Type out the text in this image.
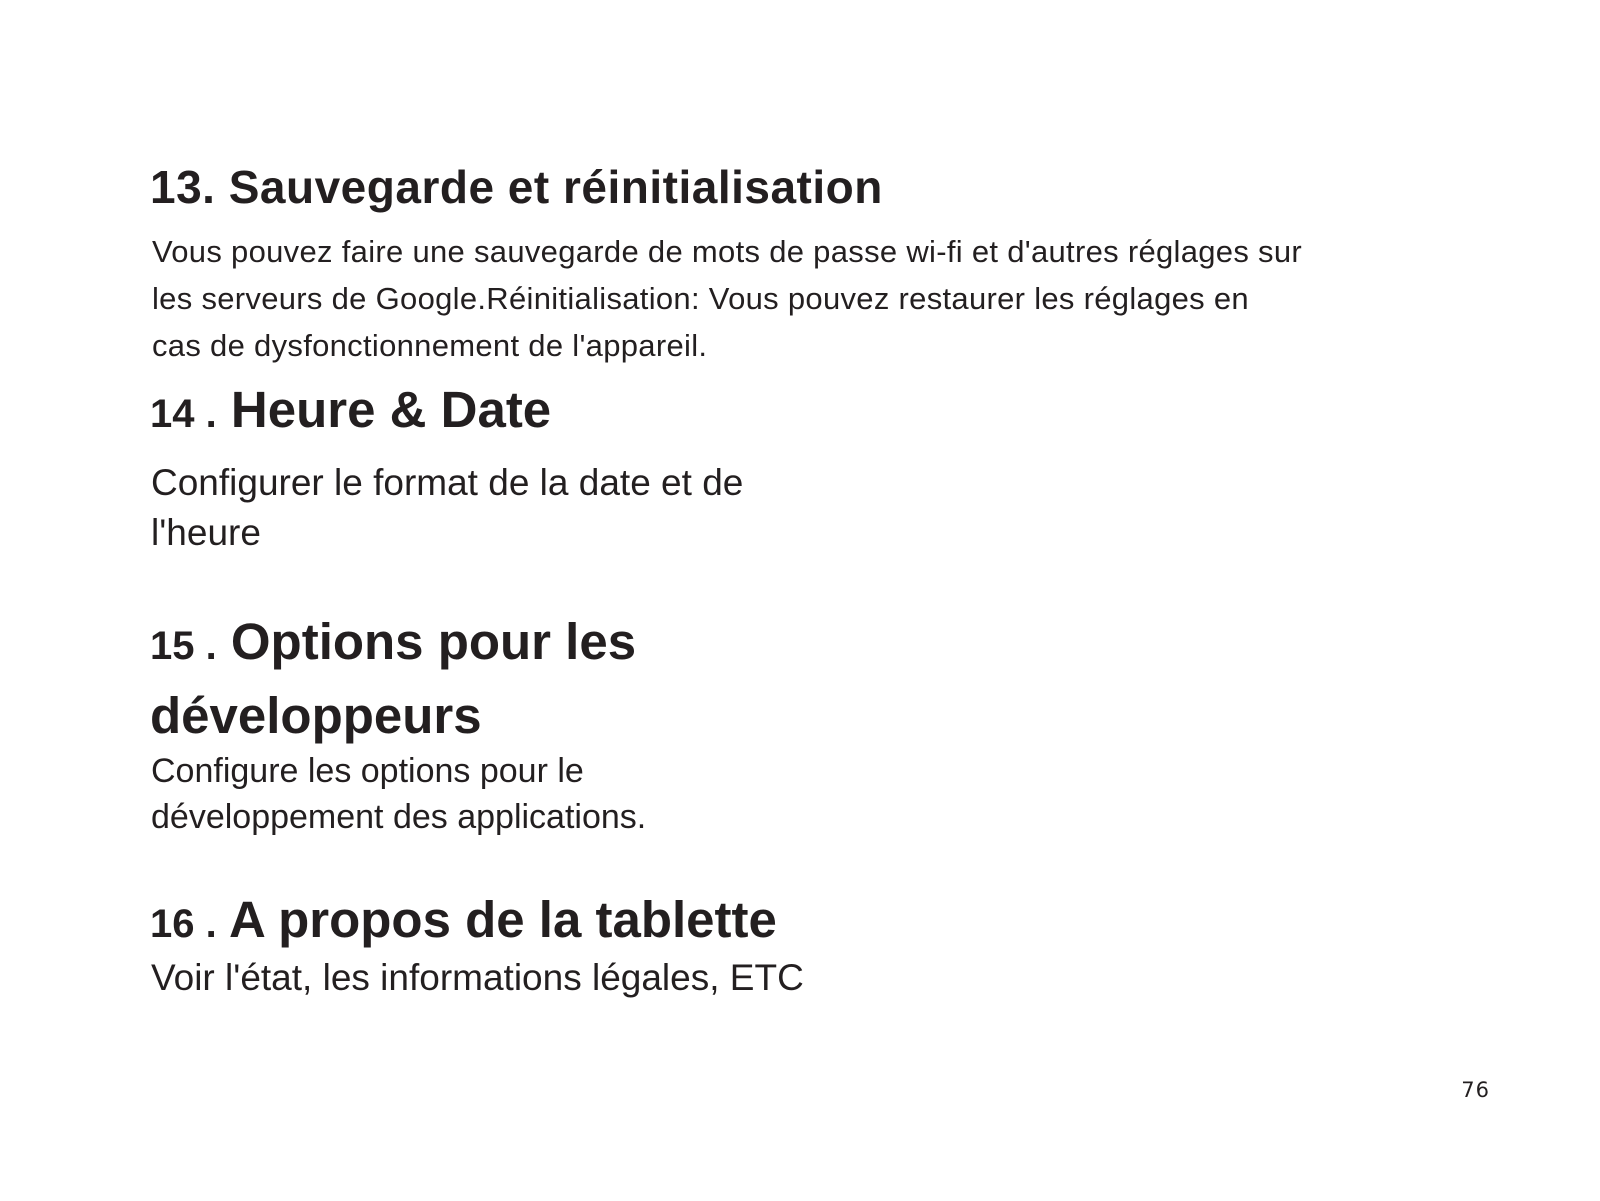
13. Sauvegarde et réinitialisation

Vous pouvez faire une sauvegarde de mots de passe wi-fi et d'autres réglages sur
les serveurs de Google.Réinitialisation: Vous pouvez restaurer les réglages en
cas de dysfonctionnement de l'appareil.

14 . Heure & Date

Configurer le format de la date et de
l'heure

15 . Options pour les
développeurs

Configure les options pour le
développement des applications.

16 . A propos de la tablette

Voir l'état, les informations légales, ETC

76
